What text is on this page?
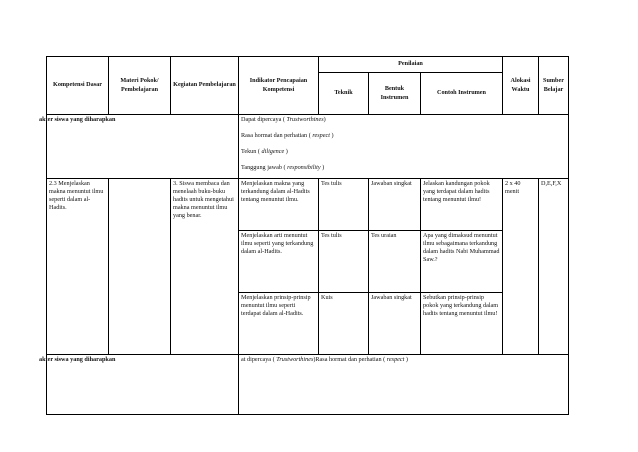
Kompetensi Dasar	Materi Pokok/ Pembelajaran	Kegiatan Pembelajaran	Indikator Pencapaian Kompetensi	Penilaian			Alokasi Waktu	Sumber Belajar
				Teknik	Bentuk Instrumen	Contoh Instrumen		
akter siswa yang diharapkan			Dapat dipercaya ( Trustworthines)
Rasa hormat dan perhatian ( respect )
Tekun ( diligence )
Tanggung jawab ( responsibility )					

2.3 Menjelaskan makna menuntut ilmu seperti dalam al-Hadits.		3. Siswa membaca dan menelaah buku-buku hadits untuk mengetahui makna menuntut ilmu yang benar.	Menjelaskan makna yang terkandung dalam al-Hadits tentang menuntut ilmu.	Tes tulis	Jawaban singkat	Jelaskan kandungan pokok yang terdapat dalam hadits tentang menuntut ilmu!	2 x 40 menit	D,E,F,X
			Menjelaskan arti menuntut ilmu seperti yang terkandung dalam al-Hadits.	Tes tulis	Tes uraian	Apa yang dimaksud menuntut ilmu sebagaimana terkandung dalam hadits Nabi Muhammad Saw.?		
			Menjelaskan prinsip-prinsip menuntut ilmu seperti terdapat dalam al-Hadits.	Kuis	Jawaban singkat	Sebutkan prinsip-prinsip pokok yang terkandung dalam hadits tentang menuntut ilmu!		
akter siswa yang diharapkan			at dipercaya ( Trustworthines)Rasa hormat dan perhatian ( respect )					
